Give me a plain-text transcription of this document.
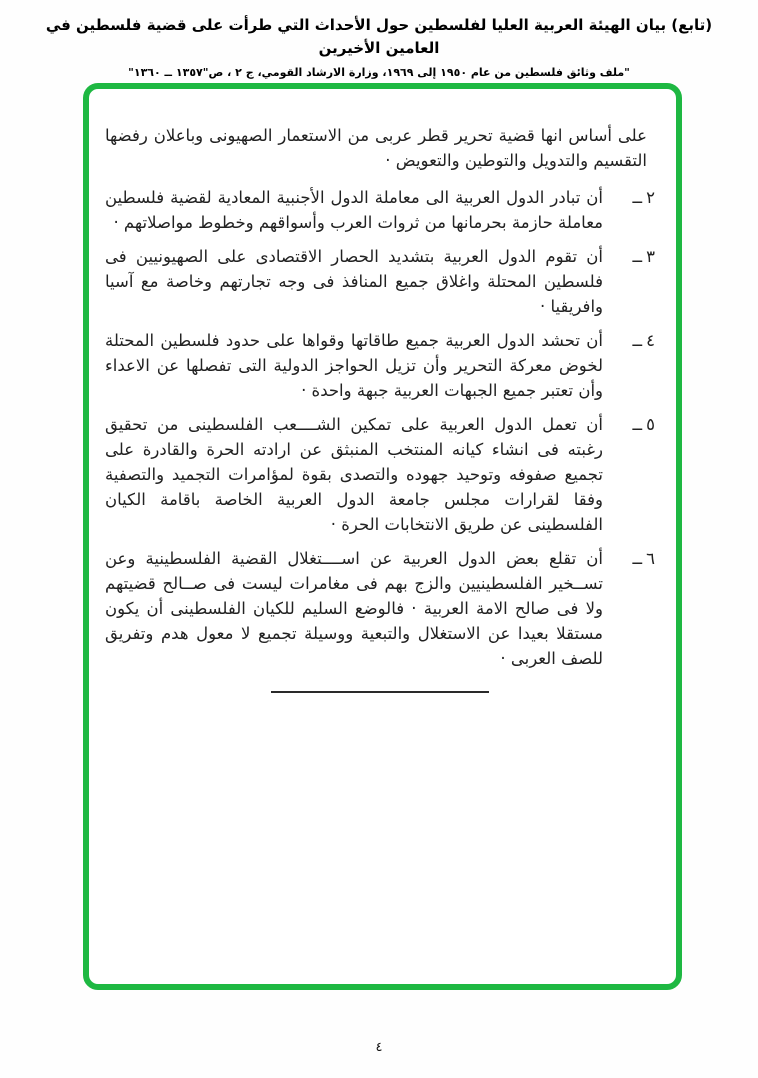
(تابع) بيان الهيئة العربية العليا لفلسطين حول الأحداث التي طرأت على قضية فلسطين في العامين الأخيرين
"ملف وثائق فلسطين من عام ١٩٥٠ إلى ١٩٦٩، وزارة الارشاد القومي، ج ٢ ، ص"١٣٥٧ ــ ١٣٦٠"

على أساس انها قضية تحرير قطر عربى من الاستعمار الصهيونى وباعلان رفضها التقسيم والتدويل والتوطين والتعويض ·

٢ــ
أن تبادر الدول العربية الى معاملة الدول الأجنبية المعادية لقضية فلسطين معاملة حازمة بحرمانها من ثروات العرب وأسواقهم وخطوط مواصلاتهم ·
٣ــ
أن تقوم الدول العربية بتشديد الحصار الاقتصادى على الصهيونيين فى فلسطين المحتلة واغلاق جميع المنافذ فى وجه تجارتهم وخاصة مع آسيا وافريقيا ·
٤ــ
أن تحشد الدول العربية جميع طاقاتها وقواها على حدود فلسطين المحتلة لخوض معركة التحرير وأن تزيل الحواجز الدولية التى تفصلها عن الاعداء وأن تعتبر جميع الجبهات العربية جبهة واحدة ·
٥ــ
أن تعمل الدول العربية على تمكين الشــــعب الفلسطينى من تحقيق رغبته فى انشاء كيانه المنتخب المنبثق عن ارادته الحرة والقادرة على تجميع صفوفه وتوحيد جهوده والتصدى بقوة لمؤامرات التجميد والتصفية وفقا لقرارات مجلس جامعة الدول العربية الخاصة باقامة الكيان الفلسطينى عن طريق الانتخابات الحرة ·
٦ــ
أن تقلع بعض الدول العربية عن اســــتغلال القضية الفلسطينية وعن تســخير الفلسطينيين والزج بهم فى مغامرات ليست فى صــالح قضيتهم ولا فى صالح الامة العربية · فالوضع السليم للكيان الفلسطينى أن يكون مستقلا بعيدا عن الاستغلال والتبعية ووسيلة تجميع لا معول هدم وتفريق للصف العربى ·
٤
